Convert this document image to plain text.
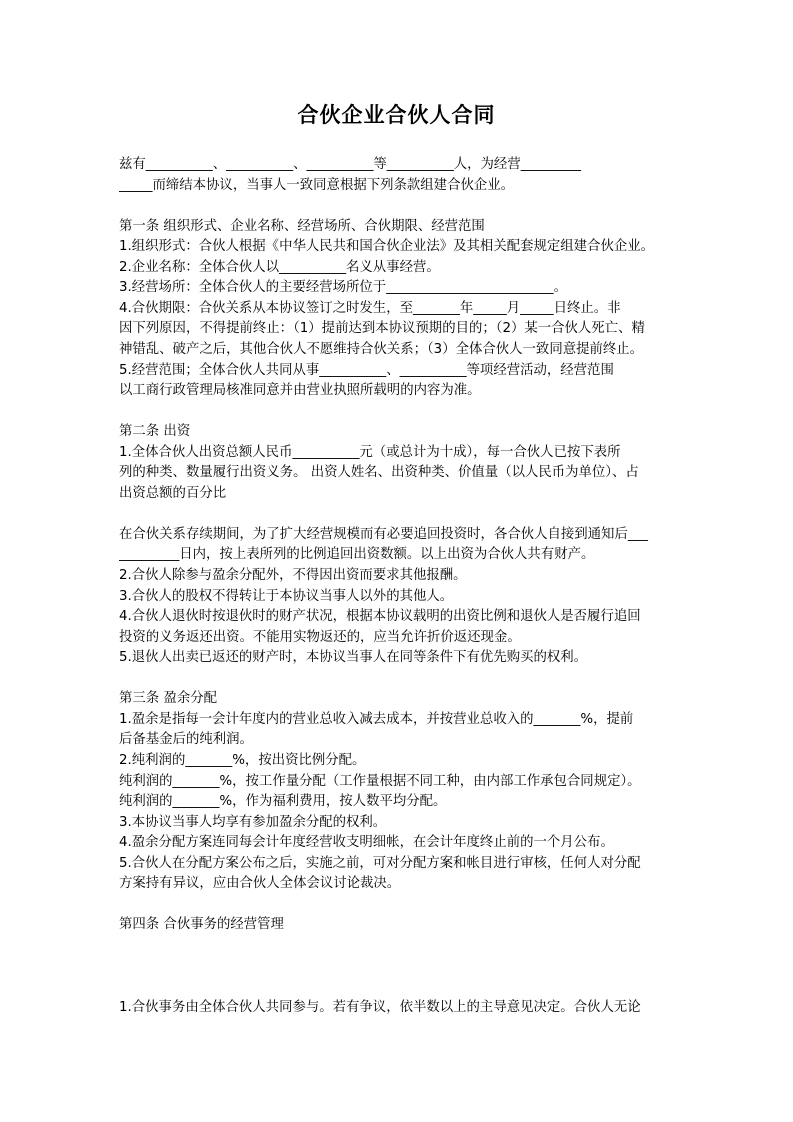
合伙企业合伙人合同
兹有__________、__________、__________等__________人，为经营_________
_____而缔结本协议，当事人一致同意根据下列条款组建合伙企业。
第一条 组织形式、企业名称、经营场所、合伙期限、经营范围
1.组织形式：合伙人根据《中华人民共和国合伙企业法》及其相关配套规定组建合伙企业。
2.企业名称：全体合伙人以__________名义从事经营。
3.经营场所：全体合伙人的主要经营场所位于_________________________。
4.合伙期限：合伙关系从本协议签订之时发生，至_______年_____月_____日终止。非
因下列原因，不得提前终止：（1）提前达到本协议预期的目的；（2）某一合伙人死亡、精
神错乱、破产之后，其他合伙人不愿维持合伙关系；（3）全体合伙人一致同意提前终止。
5.经营范围；全体合伙人共同从事__________、__________等项经营活动，经营范围
以工商行政管理局核准同意并由营业执照所载明的内容为准。
第二条 出资
1.全体合伙人出资总额人民币__________元（或总计为十成），每一合伙人已按下表所
列的种类、数量履行出资义务。 出资人姓名、出资种类、价值量（以人民币为单位）、占
出资总额的百分比
在合伙关系存续期间，为了扩大经营规模而有必要追回投资时，各合伙人自接到通知后___
_________日内，按上表所列的比例追回出资数额。以上出资为合伙人共有财产。
2.合伙人除参与盈余分配外，不得因出资而要求其他报酬。
3.合伙人的股权不得转让于本协议当事人以外的其他人。
4.合伙人退伙时按退伙时的财产状况，根据本协议载明的出资比例和退伙人是否履行追回
投资的义务返还出资。不能用实物返还的，应当允许折价返还现金。
5.退伙人出卖已返还的财产时，本协议当事人在同等条件下有优先购买的权利。
第三条 盈余分配
1.盈余是指每一会计年度内的营业总收入减去成本，并按营业总收入的_______%，提前
后备基金后的纯利润。
2.纯利润的_______%，按出资比例分配。
纯利润的_______%，按工作量分配（工作量根据不同工种，由内部工作承包合同规定）。
纯利润的_______%，作为福利费用，按人数平均分配。
3.本协议当事人均享有参加盈余分配的权利。
4.盈余分配方案连同每会计年度经营收支明细帐，在会计年度终止前的一个月公布。
5.合伙人在分配方案公布之后，实施之前，可对分配方案和帐目进行审核，任何人对分配
方案持有异议，应由合伙人全体会议讨论裁决。
第四条 合伙事务的经营管理
1.合伙事务由全体合伙人共同参与。若有争议，依半数以上的主导意见决定。合伙人无论
